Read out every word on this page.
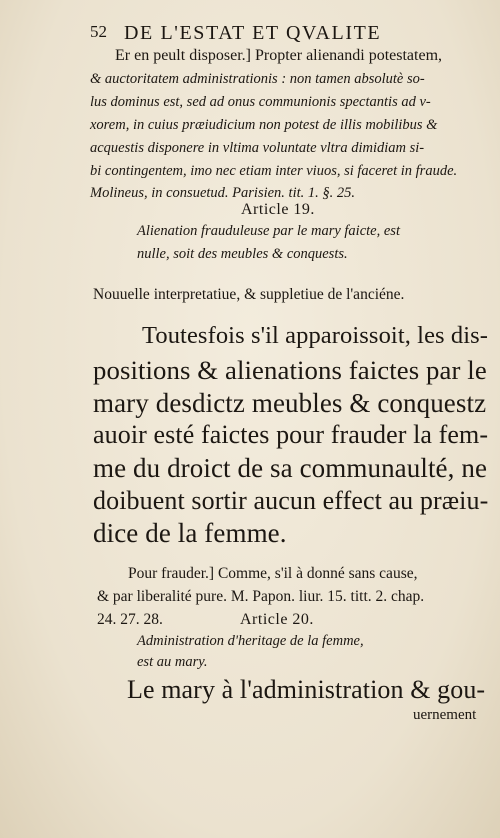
52 DE L'ESTAT ET QVALITE
Er en peult disposer.] Propter alienandi potestatem,
& auctoritatem administrationis : non tamen absolutè so-
lus dominus est, sed ad onus communionis spectantis ad v-
xorem, in cuius præiudicium non potest de illis mobilibus &
acquestis disponere in vltima voluntate vltra dimidiam si-
bi contingentem, imo nec etiam inter viuos, si faceret in fraude.
Molineus, in consuetud. Parisien. tit. 1. §. 25.
Article 19.
Alienation frauduleuse par le mary faicte, est
nulle, soit des meubles & conquests.
Nouuelle interpretatiue, & suppletiue de l'anciéne.
Toutesfois s'il apparoissoit, les dis-
positions & alienations faictes par le
mary desdictz meubles & conquestz
auoir esté faictes pour frauder la fem-
me du droict de sa communaulté, ne
doibuent sortir aucun effect au præiu-
dice de la femme.
Pour frauder.] Comme, s'il à donné sans cause,
& par liberalité pure. M. Papon. liur. 15. titt. 2. chap.
24. 27. 28.	Article 20.
Administration d'heritage de la femme,
est au mary.
Le mary à l'administration & gou-
uernement
